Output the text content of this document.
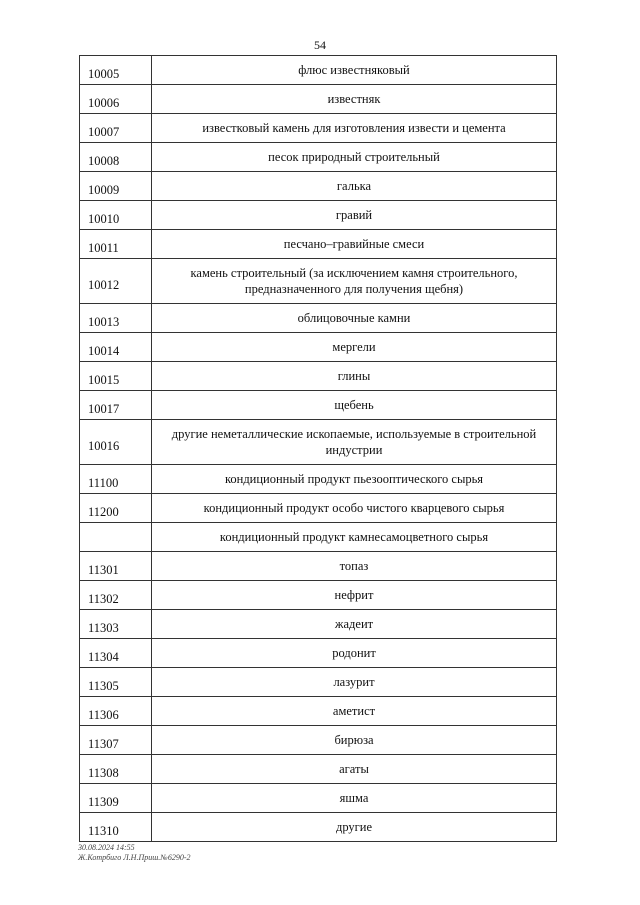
54
10005	флюс известняковый
10006	известняк
10007	известковый камень для изготовления извести и цемента
10008	песок природный строительный
10009	галька
10010	гравий
10011	песчано–гравийные смеси
10012	камень строительный (за исключением камня строительного, предназначенного для получения щебня)
10013	облицовочные камни
10014	мергели
10015	глины
10017	щебень
10016	другие неметаллические ископаемые, используемые в строительной индустрии
11100	кондиционный продукт пьезооптического сырья
11200	кондиционный продукт особо чистого кварцевого сырья
	кондиционный продукт камнесамоцветного сырья
11301	топаз
11302	нефрит
11303	жадеит
11304	родонит
11305	лазурит
11306	аметист
11307	бирюза
11308	агаты
11309	яшма
11310	другие
30.08.2024 14:55
Ж.Котрбиго Л.Н.Приш.№6290-2
